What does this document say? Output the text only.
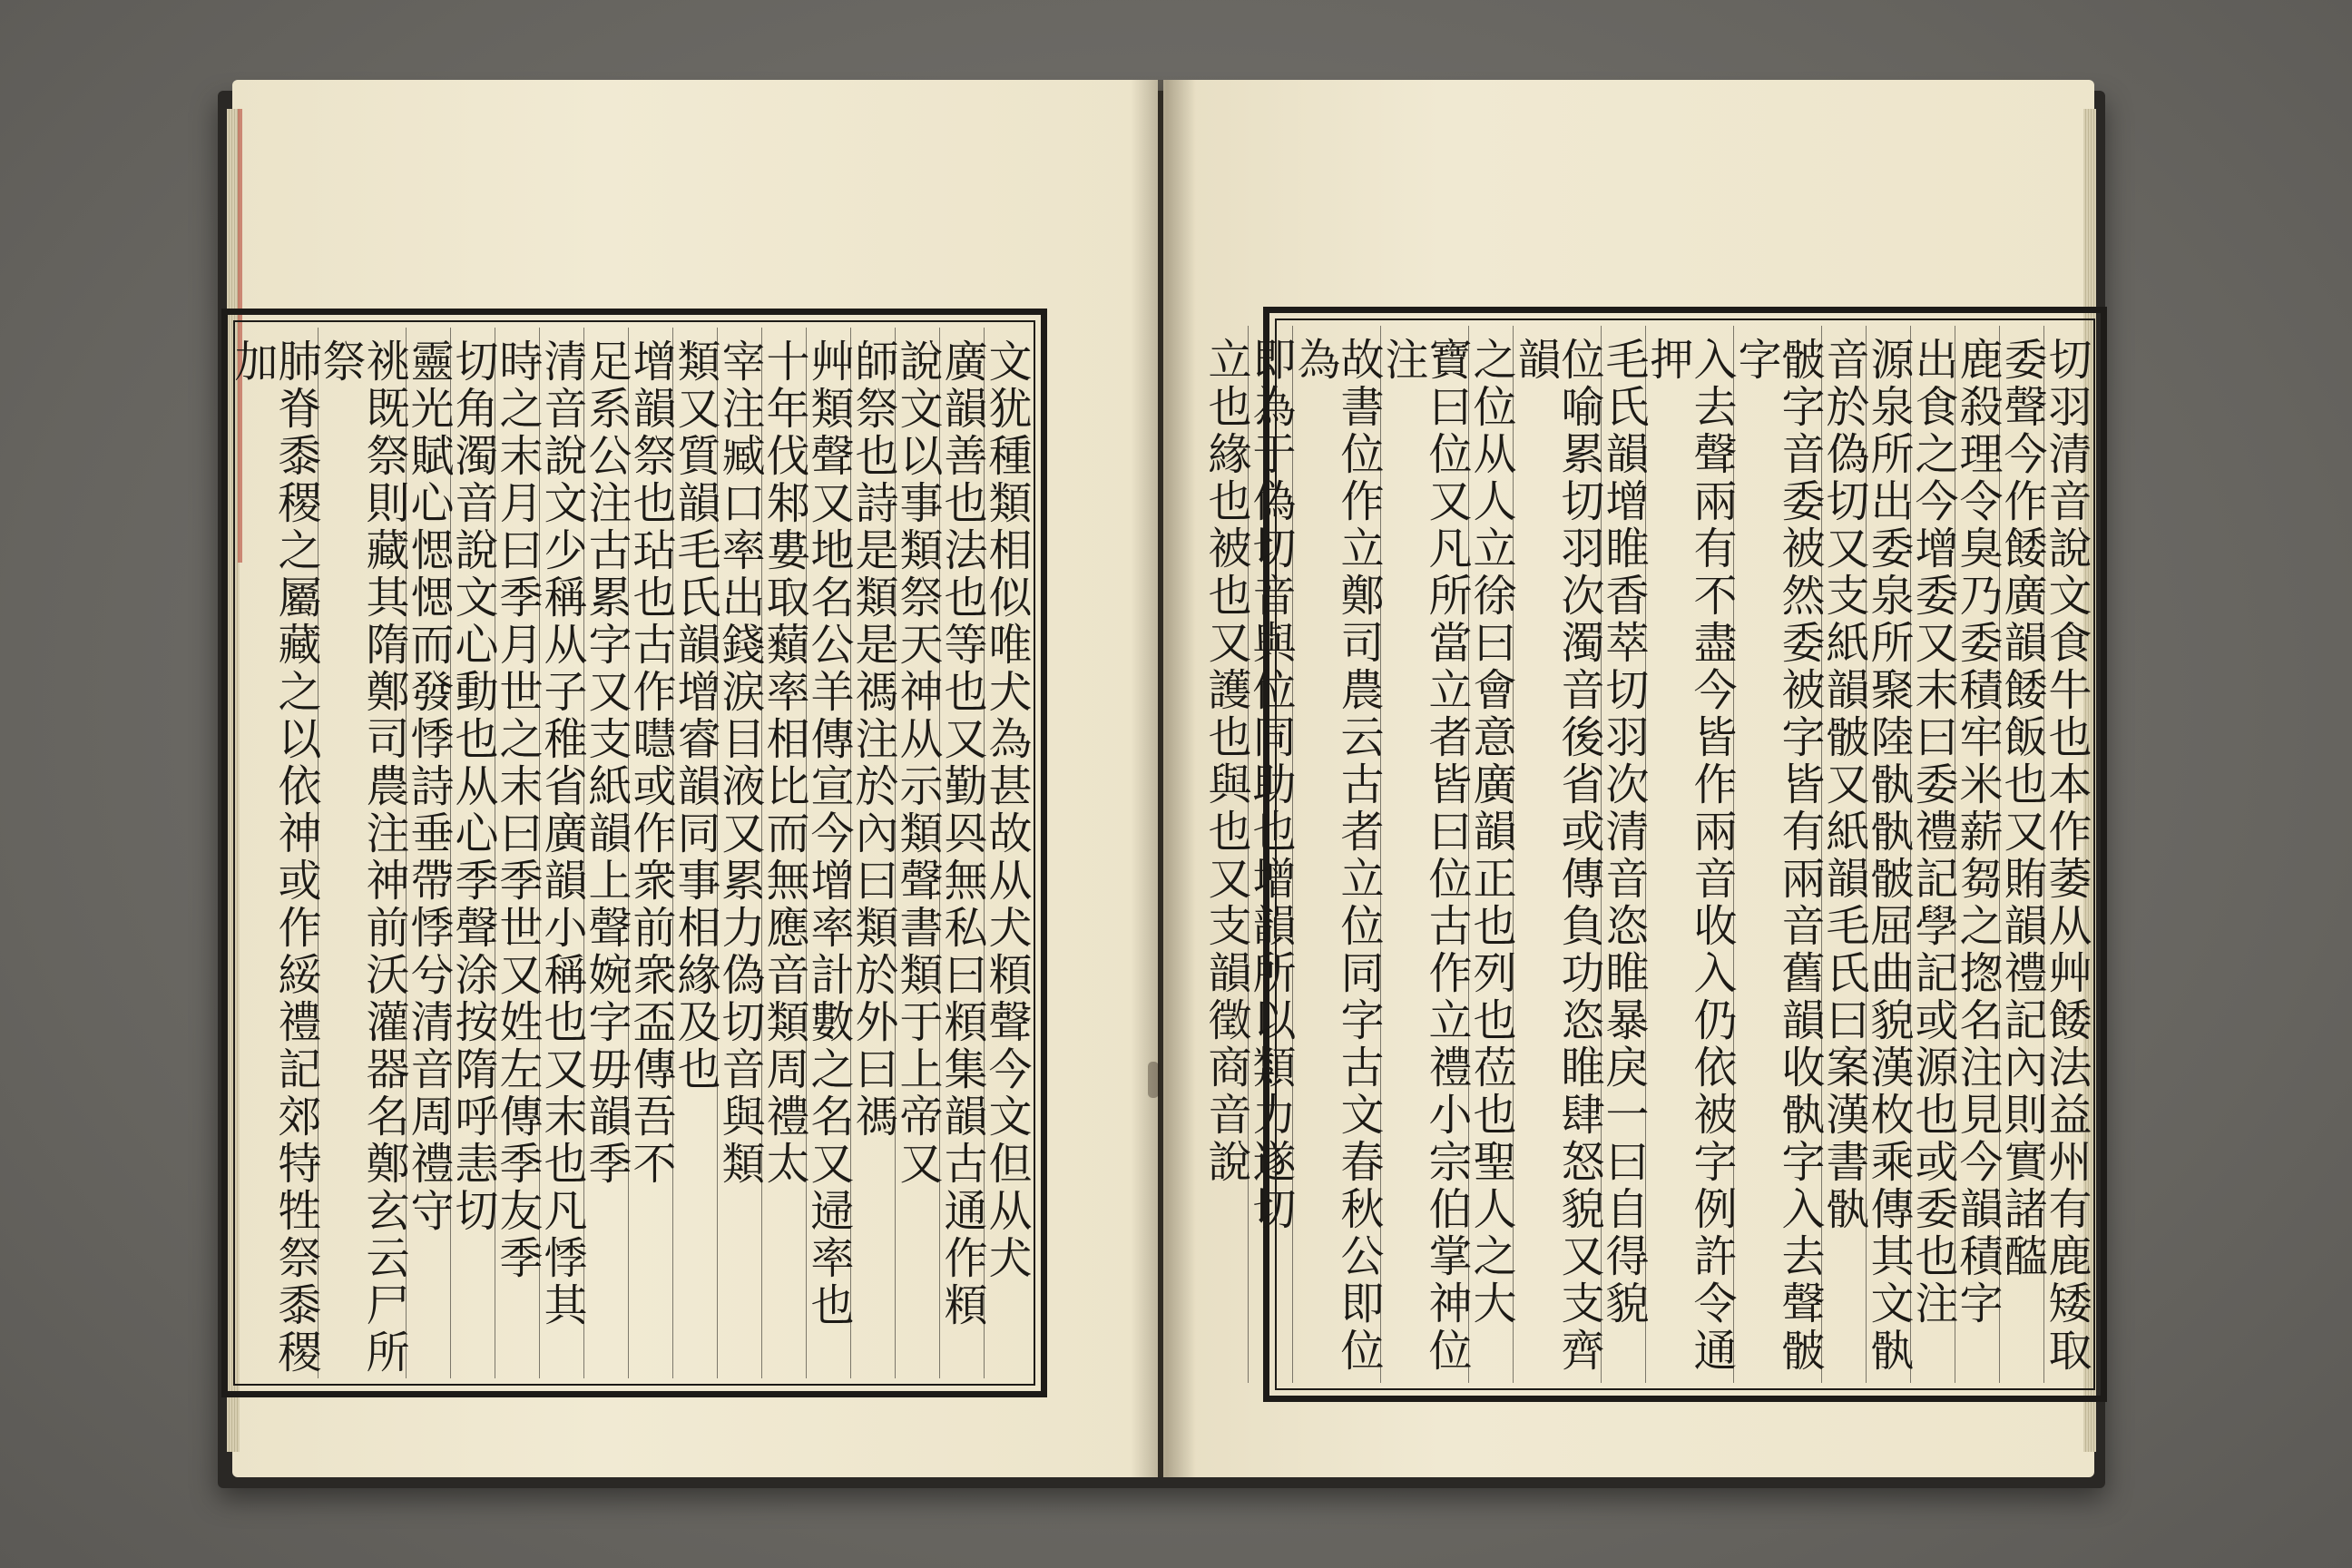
文犹種類相似唯犬為甚故从犬頪聲今文但从犬
廣韻善也法也等也又勤㒷無私曰頪集韻古通作頪
說文以事類祭天神从示類聲書類于上帝又
師祭也詩是類是禡注於內曰類於外曰禡
艸類聲又地名公羊傳宣今增率計數之名又䢜率也
十年伐邾婁取蘱率相比而無應音類周禮太
宰注臧口率出錢涙目液又累力偽切音與類
類又質韻毛氏韻增睿韻同事相緣及也
增韻祭也玷也古作㬩或作衆前衆盃傳吾不
足系公注古累字又支紙韻上聲婉字毋韻季
清音說文少稱从子稚省廣韻小稱也又末也凡悸其
時之末月曰季月世之末曰季世又姓左傳季友季
切角濁音說文心動也从心季聲涂按隋呼恚切
靈光賦心愢愢而發悸詩垂帶悸兮清音周禮守
祧既祭則藏其隋鄭司農注神前沃灌器名鄭玄云尸所祭
肺脊黍稷之屬藏之以依神或作綏禮記郊特牲祭黍稷加	切羽清音說文食牛也本作萎从艸餧法益州有鹿矮取
委聲今作餧廣韻餧飯也又賄韻禮記內則實諸醓
鹿殺理令臭乃委積牢米薪芻之揔名注見今韻積字
出食之今增委又末曰委禮記學記或源也或委也注
源泉所出委泉所聚陸骫骫骳屈曲貌漢枚乘傳其文骫
音於偽切又支紙韻骳又紙韻毛氏曰案漢書骫
骳字音委被然委被字皆有兩音舊韻收骫字入去聲骳字
入去聲兩有不盡今皆作兩音收入仍依被字例許令通押
毛氏韻增睢香萃切羽次清音恣睢暴戾一曰自得貌
位喻累切羽次濁音後省或傳負功恣睢肆怒貌又支齊韻
之位从人立徐曰會意廣韻正也列也莅也聖人之大
寶曰位又凡所當立者皆曰位古作立禮小宗伯掌神位注
故書位作立鄭司農云古者立位同字古文春秋公即位為
即為于偽切音與位同助也增韻所以類力遂切
立也緣也被也又護也與也又支韻徵商音說
